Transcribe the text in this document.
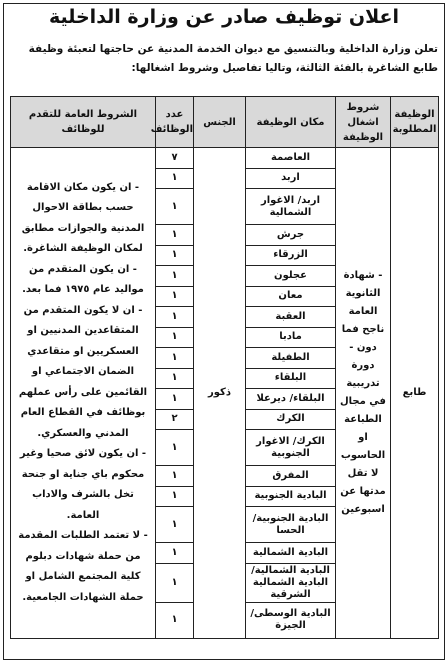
اعلان توظيف صادر عن وزارة الداخلية
تعلن وزارة الداخلية وبالتنسيق مع ديوان الخدمة المدنية عن حاجتها لتعبئة وظيفة طابع الشاغرة بالفئة الثالثة، وتاليا تفاصيل وشروط اشغالها:
الوظيفة المطلوبة	شروط اشغال الوظيفة	مكان الوظيفة	الجنس	عدد الوظائف	الشروط العامة للتقدم للوظائف
طابع	- شهادة الثانوية العامة ناجح فما دون - دورة تدريبية في مجال الطباعة او الحاسوب لا تقل مدتها عن اسبوعين	العاصمة	ذكور	٧	- ان يكون مكان الاقامة حسب بطاقة الاحوال المدنية والجوازات مطابق لمكان الوظيفة الشاغرة.
- ان يكون المتقدم من مواليد عام ١٩٧٥ فما بعد.
- ان لا يكون المتقدم من المتقاعدين المدنيين او العسكريين او متقاعدي الضمان الاجتماعي او القائمين على رأس عملهم بوظائف في القطاع العام المدني والعسكري.
- ان يكون لائق صحيا وغير محكوم باي جناية او جنحة تخل بالشرف والاداب العامة.
- لا تعتمد الطلبات المقدمة من حملة شهادات دبلوم كلية المجتمع الشامل او حملة الشهادات الجامعية.

		اربد		١	
		اربد/ الاغوار الشمالية		١	
		جرش		١	
		الزرقاء		١	
		عجلون		١	
		معان		١	
		العقبة		١	
		مادبا		١	
		الطفيلة		١	
		البلقاء		١	
		البلقاء/ ديرعلا		١	
		الكرك		٢	
		الكرك/ الاغوار الجنوبية		١	
		المفرق		١	
		البادية الجنوبية		١	
		البادية الجنوبية/ الحسا		١	
		البادية الشمالية		١	
		البادية الشمالية/ البادية الشمالية الشرقية		١	
		البادية الوسطى/ الجيزة		١	
